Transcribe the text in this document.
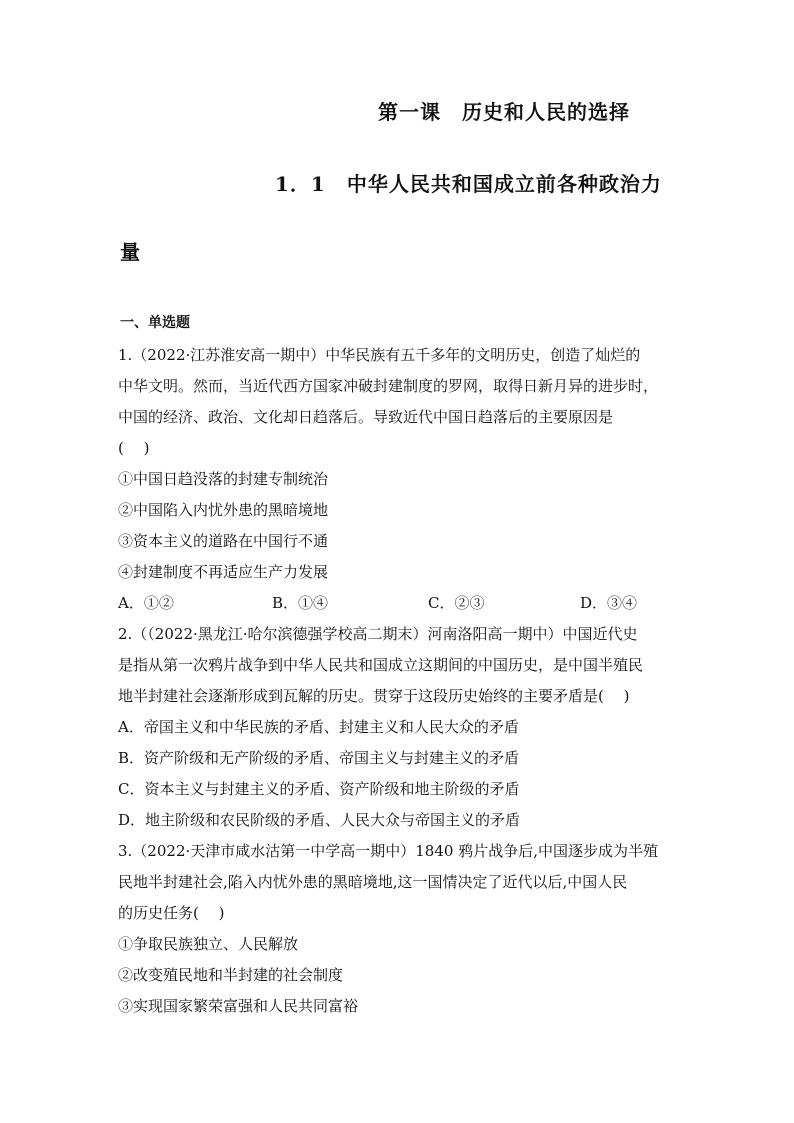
第一课　历史和人民的选择
1．1　中华人民共和国成立前各种政治力
量
一、单选题
1.（2022·江苏淮安高一期中）中华民族有五千多年的文明历史，创造了灿烂的
中华文明。然而，当近代西方国家冲破封建制度的罗网，取得日新月异的进步时，
中国的经济、政治、文化却日趋落后。导致近代中国日趋落后的主要原因是
(　 )
①中国日趋没落的封建专制统治
②中国陷入内忧外患的黑暗境地
③资本主义的道路在中国行不通
④封建制度不再适应生产力发展
A．①②	B．①④	C．②③	D．③④
2.（（2022·黑龙江·哈尔滨德强学校高二期末）河南洛阳高一期中）中国近代史
是指从第一次鸦片战争到中华人民共和国成立这期间的中国历史，是中国半殖民
地半封建社会逐渐形成到瓦解的历史。贯穿于这段历史始终的主要矛盾是(　 )
A．帝国主义和中华民族的矛盾、封建主义和人民大众的矛盾
B．资产阶级和无产阶级的矛盾、帝国主义与封建主义的矛盾
C．资本主义与封建主义的矛盾、资产阶级和地主阶级的矛盾
D．地主阶级和农民阶级的矛盾、人民大众与帝国主义的矛盾
3.（2022·天津市咸水沽第一中学高一期中）1840 鸦片战争后,中国逐步成为半殖
民地半封建社会,陷入内忧外患的黑暗境地,这一国情决定了近代以后,中国人民
的历史任务(　 )
①争取民族独立、人民解放
②改变殖民地和半封建的社会制度
③实现国家繁荣富强和人民共同富裕
